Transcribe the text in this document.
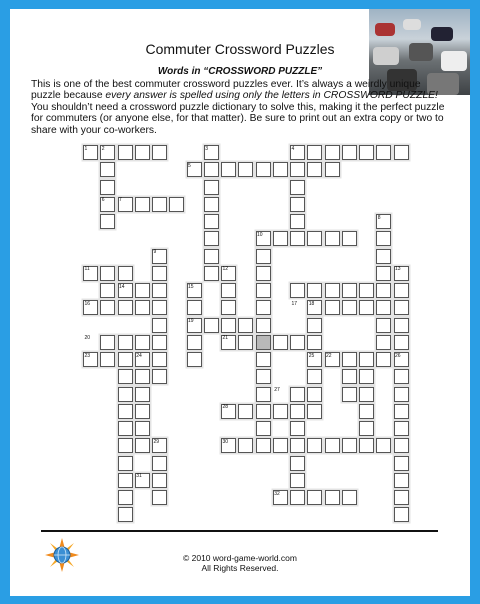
Commuter Crossword Puzzles
Words in “CROSSWORD PUZZLE”
This is one of the best commuter crossword puzzles ever. It’s always a weirdly unique puzzle because every answer is spelled using only the letters in CROSSWORD PUZZLE! You shouldn’t need a crossword puzzle dictionary to solve this, making it the perfect puzzle for commuters (or anyone else, for that matter). Be sure to print out an extra copy or two to share with your co-workers.
1	2	3	4
5
6	7
8
9
10
11	12	13
14	15
16	17 18
19
20	21
22
23	24	25	26
27
28
29	30
31
32
© 2010 word-game-world.com
All Rights Reserved.
